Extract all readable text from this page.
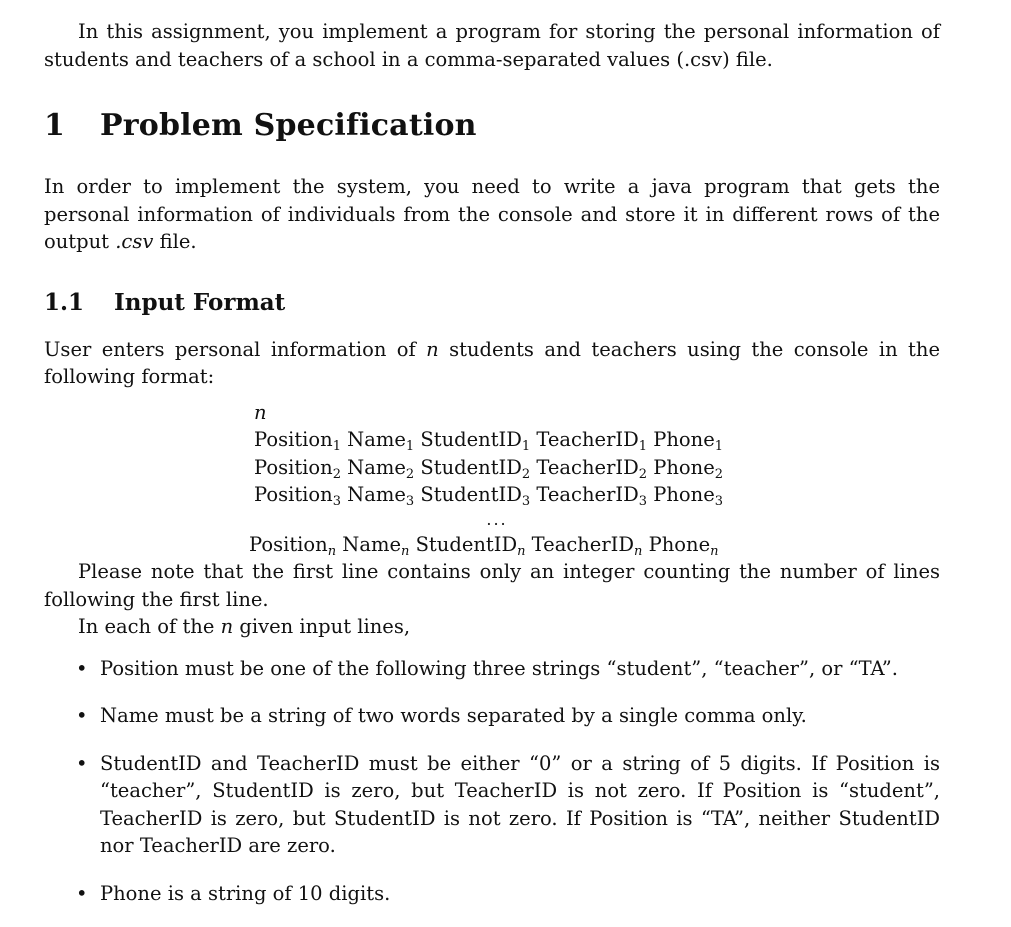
In this assignment, you implement a program for storing the personal information of students and teachers of a school in a comma-separated values (.csv) file.

1 Problem Specification

In order to implement the system, you need to write a java program that gets the personal information of individuals from the console and store it in different rows of the output .csv file.

1.1 Input Format

User enters personal information of n students and teachers using the console in the following format:

n
Position$_1$ Name$_1$ StudentID$_1$ TeacherID$_1$ Phone$_1$
Position$_2$ Name$_2$ StudentID$_2$ TeacherID$_2$ Phone$_2$
Position$_3$ Name$_3$ StudentID$_3$ TeacherID$_3$ Phone$_3$
...
Position$_n$ Name$_n$ StudentID$_n$ TeacherID$_n$ Phone$_n$

Please note that the first line contains only an integer counting the number of lines following the first line.

In each of the n given input lines,

• Position must be one of the following three strings “student”, “teacher”, or “TA”.
• Name must be a string of two words separated by a single comma only.
• StudentID and TeacherID must be either “0” or a string of 5 digits. If Position is “teacher”, StudentID is zero, but TeacherID is not zero. If Position is “student”, TeacherID is zero, but StudentID is not zero. If Position is “TA”, neither StudentID nor TeacherID are zero.
• Phone is a string of 10 digits.
